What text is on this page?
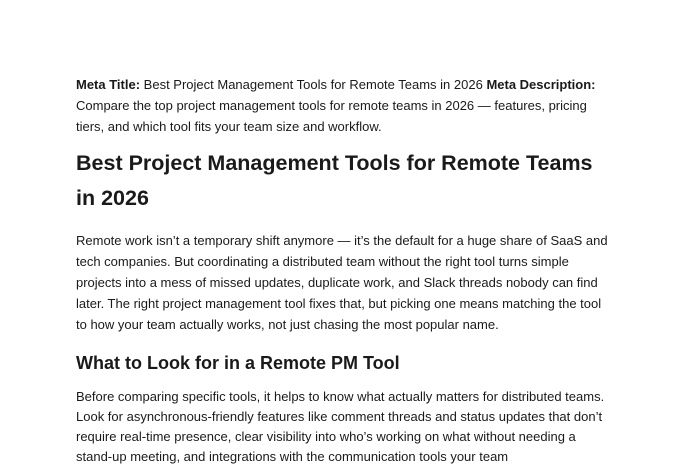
Meta Title: Best Project Management Tools for Remote Teams in 2026 Meta Description: Compare the top project management tools for remote teams in 2026 — features, pricing tiers, and which tool fits your team size and workflow.

Best Project Management Tools for Remote Teams in 2026

Remote work isn’t a temporary shift anymore — it’s the default for a huge share of SaaS and tech companies. But coordinating a distributed team without the right tool turns simple projects into a mess of missed updates, duplicate work, and Slack threads nobody can find later. The right project management tool fixes that, but picking one means matching the tool to how your team actually works, not just chasing the most popular name.

What to Look for in a Remote PM Tool

Before comparing specific tools, it helps to know what actually matters for distributed teams. Look for asynchronous-friendly features like comment threads and status updates that don’t require real-time presence, clear visibility into who’s working on what without needing a stand-up meeting, and integrations with the communication tools your team
